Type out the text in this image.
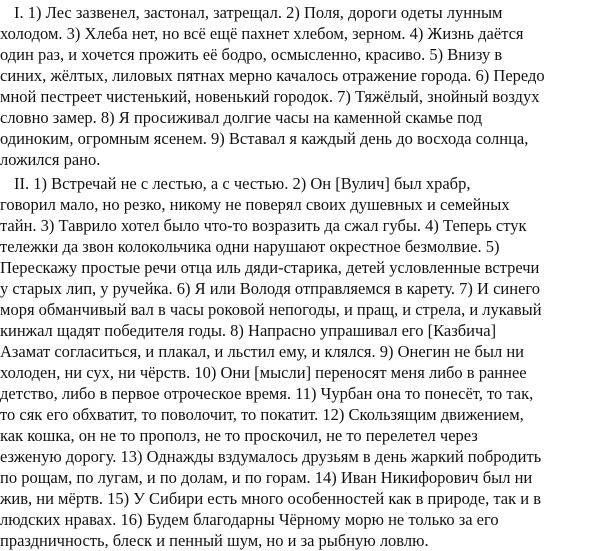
I. 1) Лес зазвенел, застонал, затрещал. 2) Поля, дороги одеты лунным
холодом. 3) Хлеба нет, но всё ещё пахнет хлебом, зерном. 4) Жизнь даётся
один раз, и хочется прожить её бодро, осмысленно, красиво. 5) Внизу в
синих, жёлтых, лиловых пятнах мерно качалось отражение города. 6) Передо
мной пестреет чистенький, новенький городок. 7) Тяжёлый, знойный воздух
словно замер. 8) Я просиживал долгие часы на каменной скамье под
одиноким, огромным ясенем. 9) Вставал я каждый день до восхода солнца,
ложился рано.
II. 1) Встречай не с лестью, а с честью. 2) Он [Вулич] был храбр,
говорил мало, но резко, никому не поверял своих душевных и семейных
тайн. 3) Таврило хотел было что-то возразить да сжал губы. 4) Теперь стук
тележки да звон колокольчика одни нарушают окрестное безмолвие. 5)
Перескажу простые речи отца иль дяди-старика, детей условленные встречи
у старых лип, у ручейка. 6) Я или Володя отправляемся в карету. 7) И синего
моря обманчивый вал в часы роковой непогоды, и пращ, и стрела, и лукавый
кинжал щадят победителя годы. 8) Напрасно упрашивал его [Казбича]
Азамат согласиться, и плакал, и льстил ему, и клялся. 9) Онегин не был ни
холоден, ни сух, ни чёрств. 10) Они [мысли] переносят меня либо в раннее
детство, либо в первое отроческое время. 11) Чурбан она то понесёт, то так,
то сяк его обхватит, то поволочит, то покатит. 12) Скользящим движением,
как кошка, он не то прополз, не то проскочил, не то перелетел через
езженую дорогу. 13) Однажды вздумалось друзьям в день жаркий побродить
по рощам, по лугам, и по долам, и по горам. 14) Иван Никифорович был ни
жив, ни мёртв. 15) У Сибири есть много особенностей как в природе, так и в
людских нравах. 16) Будем благодарны Чёрному морю не только за его
праздничность, блеск и пенный шум, но и за рыбную ловлю.
